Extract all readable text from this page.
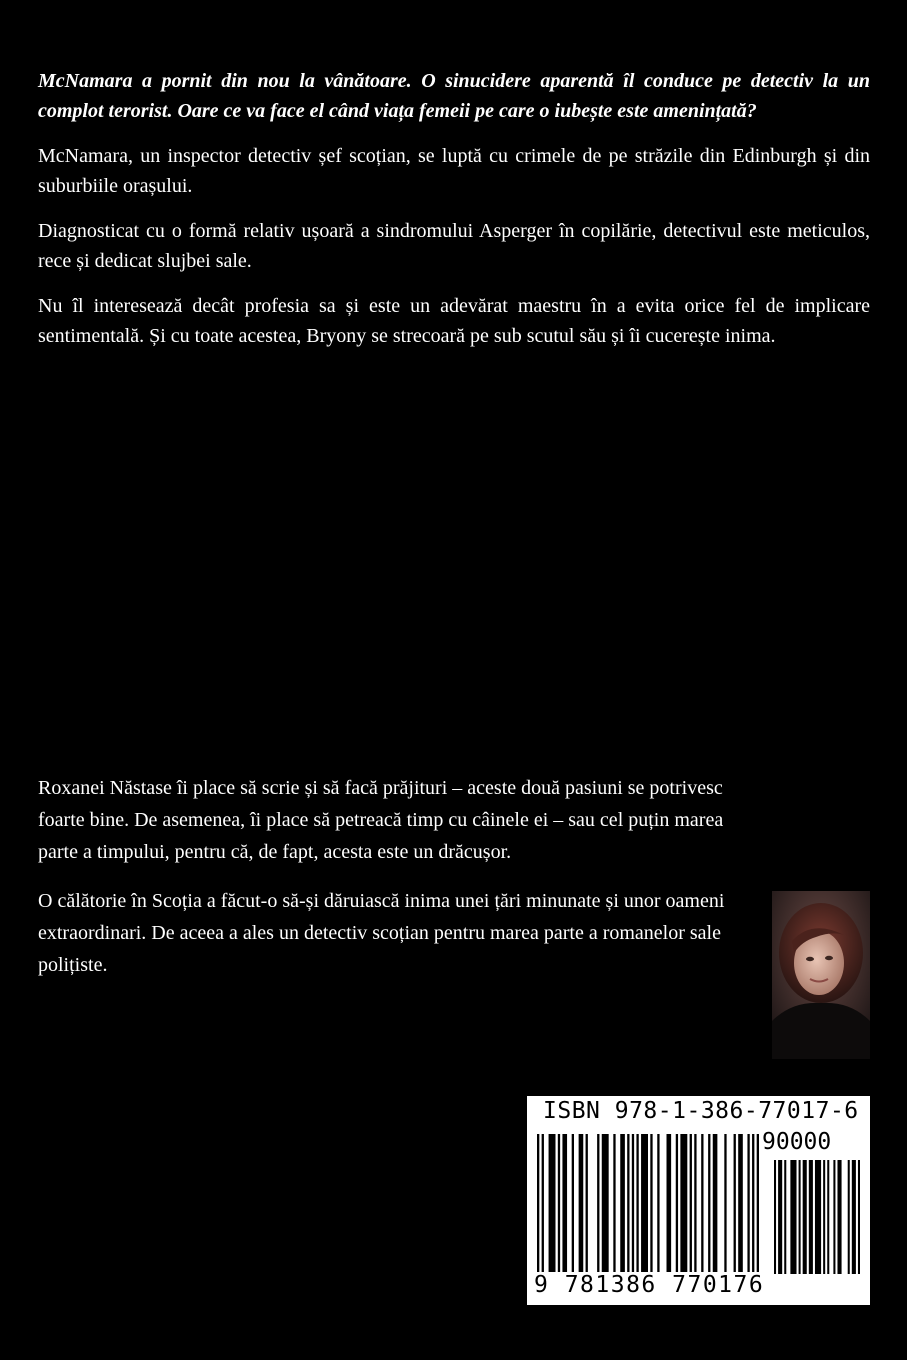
McNamara a pornit din nou la vânătoare. O sinucidere aparentă îl conduce pe detectiv la un complot terorist. Oare ce va face el când viața femeii pe care o iubește este amenințată?

McNamara, un inspector detectiv șef scoțian, se luptă cu crimele de pe străzile din Edinburgh și din suburbiile orașului.

Diagnosticat cu o formă relativ ușoară a sindromului Asperger în copilărie, detectivul este meticulos, rece și dedicat slujbei sale.

Nu îl interesează decât profesia sa și este un adevărat maestru în a evita orice fel de implicare sentimentală. Și cu toate acestea, Bryony se strecoară pe sub scutul său și îi cucerește inima.

Roxanei Năstase îi place să scrie și să facă prăjituri – aceste două pasiuni se potrivesc foarte bine. De asemenea, îi place să petreacă timp cu câinele ei – sau cel puțin marea parte a timpului, pentru că, de fapt, acesta este un drăcușor.

O călătorie în Scoția a făcut-o să-și dăruiască inima unei țări minunate și unor oameni extraordinari. De aceea a ales un detectiv scoțian pentru marea parte a romanelor sale polițiste.

ISBN 978-1-386-77017-6
90000
9 781386 770176
